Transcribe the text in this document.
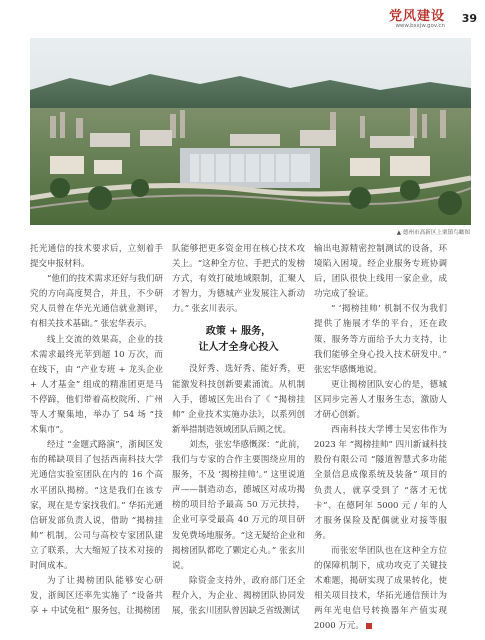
党风建设
www.bsxjw.gov.cn
39
▲ 德州市高新区上栗镇鸟瞰图

托光通信的技术要求后，立刻着手提交申报材料。

“他们的技术需求还好与我们研究的方向高度契合，并且，不少研究人员曾在华光光通信就业测评，有相关技术基础。” 张宏华表示。

线上交流的效果高，企业的技术需求最终光苹到超 10 万次，而在线下，由 “产业专班 + 龙头企业 + 人才基金” 组成的精准团更是马不停蹄，他们带着高校院所、广州等人才聚集地，举办了 54 场 “技术集市”。

经过 “金题式路演”，浙闽区发布的稀缺项目了包括西南科技大学光通信实验室团队在内的 16 个高水平团队揭榜。“这是我们在该专家，现在是专家找我们。” 华拓光通信研发部负责人说，借助 “揭榜挂帅” 机制，公司与高校专家团队建立了联系，大大缩短了技术对接的时间成本。

为了让揭榜团队能够安心研发，浙闽区还率先实施了 “设备共享 + 中试免租” 服务包，让揭榜团

队能够把更多资金用在核心技术攻关上。“这种全方位、手把式的发榜方式，有效打破地域限制，汇聚人才智力，为德城产业发展注入新动力。” 张玄川表示。

政策 + 服务，
让人才全身心投入

没好秀、选好秀、能好秀，更能激发科技创新要素涌流。从机制入手，德城区先出台了《 “揭榜挂帅” 企业技术实施办法》，以系列创新举措制造领域团队后顾之忧。

刘杰，张宏华感慨深：“此前，我们与专家的合作主要围绕应用的服务，不及 ‘揭榜挂帅’。” 这里说道声——制造动态，德城区对成功揭榜的项目给予最高 50 万元扶持，企业可享受最高 40 万元的项目研发免费场地服务。“这无疑给企业和揭榜团队都吃了颗定心丸。” 张玄川说。

除资金支持外，政府部门还全程介入，为企业、揭榜团队协同发展，张玄川团队曾因缺乏省级测试

输出电源精密控制测试的设备，环境陷入困境。经企业服务专班协调后，团队很快上线用一家企业，成功完成了验证。

“ ‘揭榜挂帅’ 机制不仅为我们提供了施展才华的平台，还在政策、服务等方面给予大力支持，让我们能够全身心投入技术研发中。” 张宏华感慨地说。

更让揭榜团队安心的是，德城区同步完善人才服务生态，激励人才研心创新。

西南科技大学博士吴宏伟作为 2023 年 “揭榜挂帅” 四川新诚科技股份有限公司 “隧道智慧式多功能全景信息成像系统及装备” 项目的负责人，就享受到了 “落才无忧卡”、在德阿年 5000 元 / 年的人才服务保险及配偶就业对接等服务。

而张宏华团队也在这种全方位的保障机制下，成功攻克了关键技术难题，揭研实现了成果转化，使相关项目技术，华拓光通信预计为两年光电信号转换器年产值实现 2000 万元。
